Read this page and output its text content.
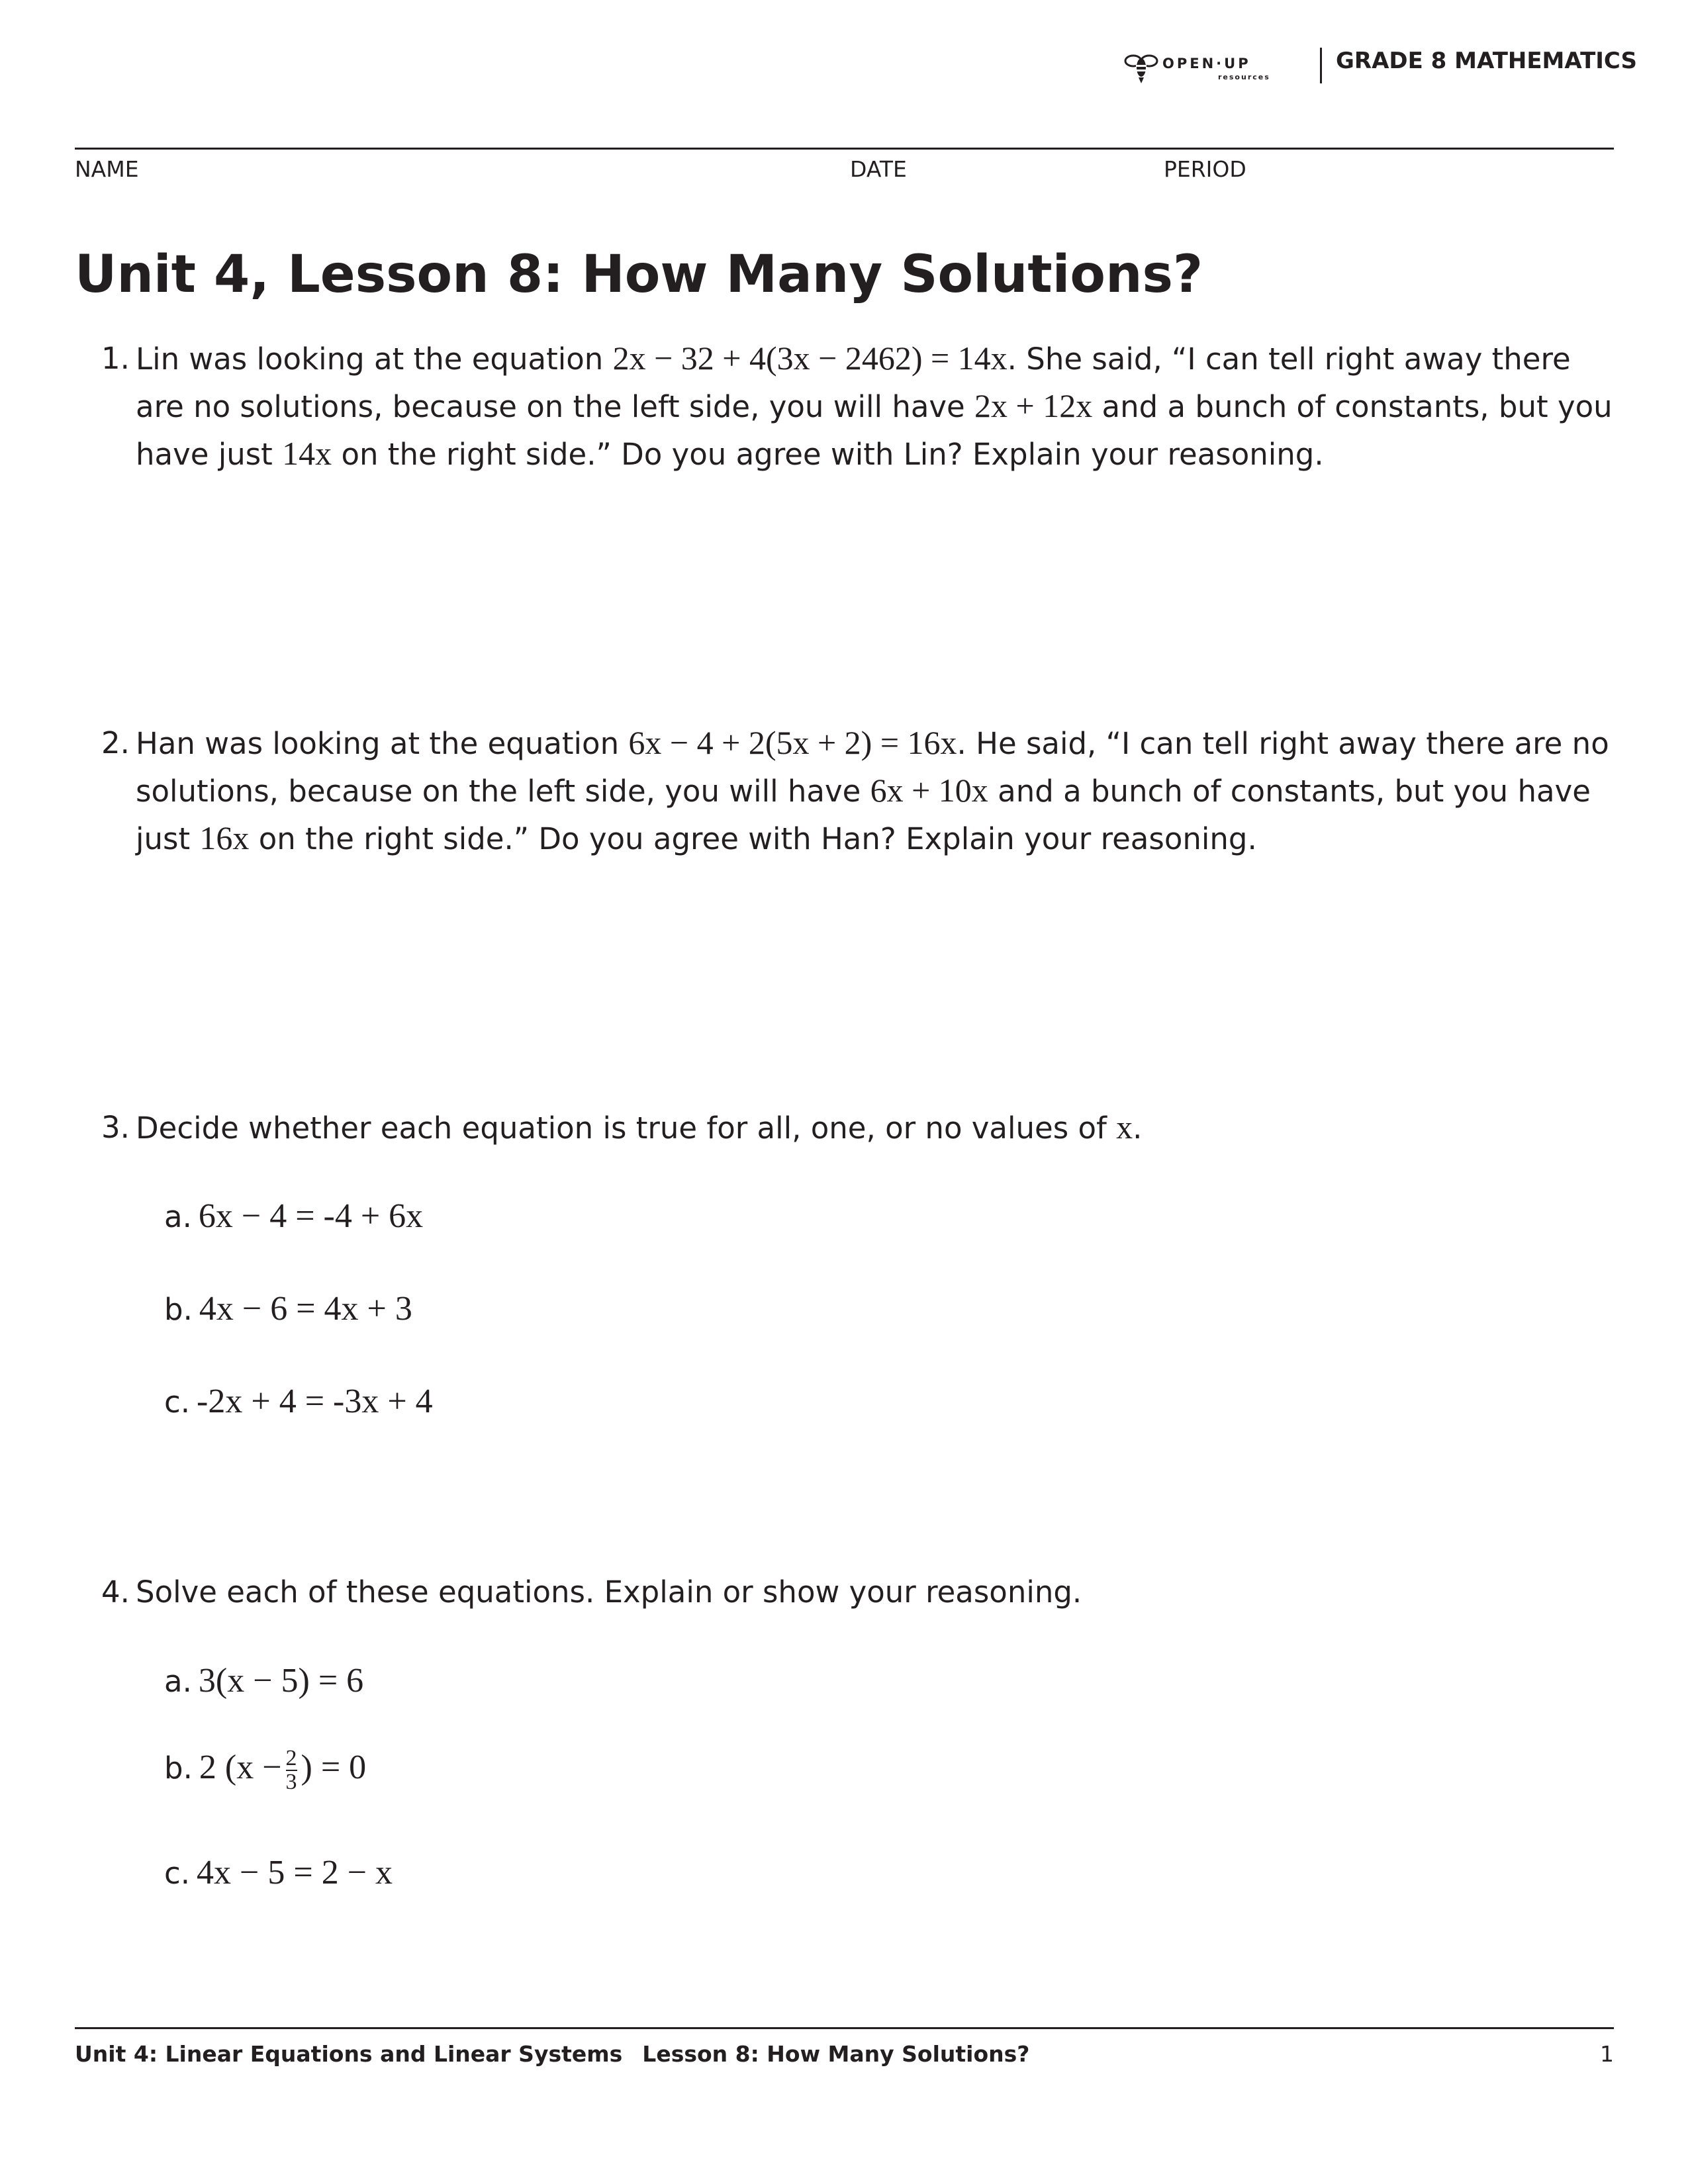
OPEN·UP
resources
GRADE 8 MATHEMATICS
NAME	DATE	PERIOD
Unit 4, Lesson 8: How Many Solutions?
1. Lin was looking at the equation 2x − 32 + 4(3x − 2462) = 14x. She said, “I can tell right away there are no solutions, because on the left side, you will have 2x + 12x and a bunch of constants, but you have just 14x on the right side.” Do you agree with Lin? Explain your reasoning.
2. Han was looking at the equation 6x − 4 + 2(5x + 2) = 16x. He said, “I can tell right away there are no solutions, because on the left side, you will have 6x + 10x and a bunch of constants, but you have just 16x on the right side.” Do you agree with Han? Explain your reasoning.
3. Decide whether each equation is true for all, one, or no values of x.
a. 6x − 4 = -4 + 6x
b. 4x − 6 = 4x + 3
c. -2x + 4 = -3x + 4
4. Solve each of these equations. Explain or show your reasoning.
a. 3(x − 5) = 6
b. 2 ($x - \frac{2}{3}$ ) = 0
c. 4x − 5 = 2 − x
Unit 4: Linear Equations and Linear Systems Lesson 8: How Many Solutions?	1
